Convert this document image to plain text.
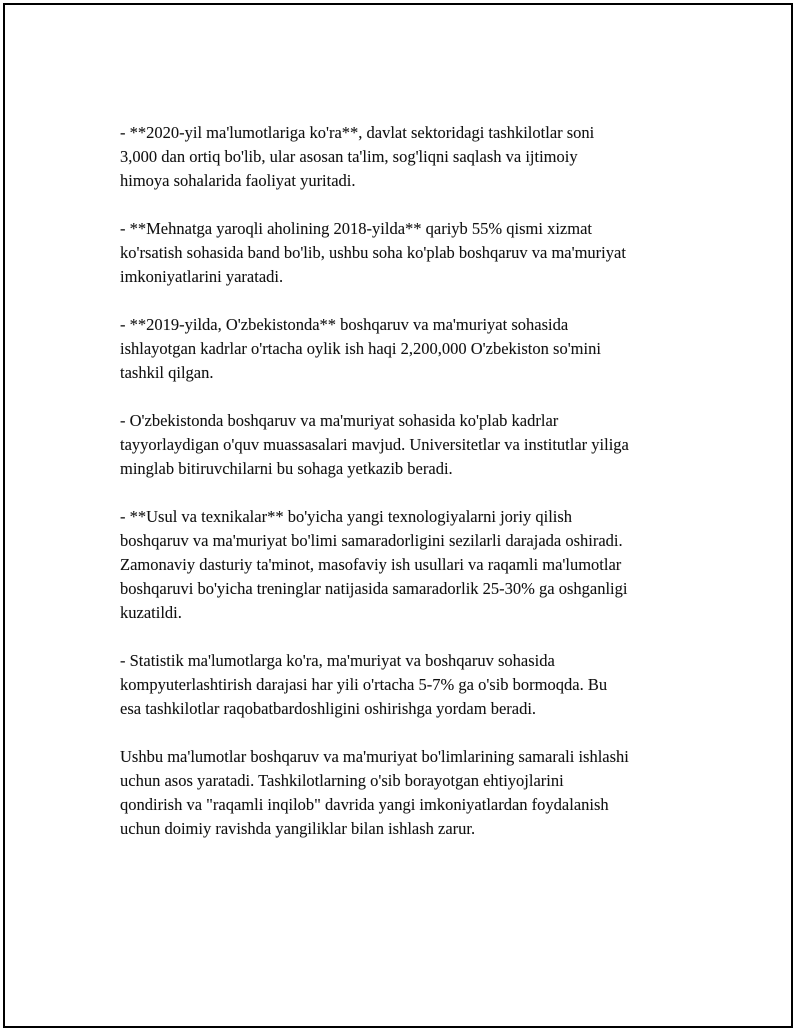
- **2020-yil ma'lumotlariga ko'ra**, davlat sektoridagi tashkilotlar soni
3,000 dan ortiq bo'lib, ular asosan ta'lim, sog'liqni saqlash va ijtimoiy
himoya sohalarida faoliyat yuritadi.

- **Mehnatga yaroqli aholining 2018-yilda** qariyb 55% qismi xizmat
ko'rsatish sohasida band bo'lib, ushbu soha ko'plab boshqaruv va ma'muriyat
imkoniyatlarini yaratadi.

- **2019-yilda, O'zbekistonda** boshqaruv va ma'muriyat sohasida
ishlayotgan kadrlar o'rtacha oylik ish haqi 2,200,000 O'zbekiston so'mini
tashkil qilgan.

- O'zbekistonda boshqaruv va ma'muriyat sohasida ko'plab kadrlar
tayyorlaydigan o'quv muassasalari mavjud. Universitetlar va institutlar yiliga
minglab bitiruvchilarni bu sohaga yetkazib beradi.

- **Usul va texnikalar** bo'yicha yangi texnologiyalarni joriy qilish
boshqaruv va ma'muriyat bo'limi samaradorligini sezilarli darajada oshiradi.
Zamonaviy dasturiy ta'minot, masofaviy ish usullari va raqamli ma'lumotlar
boshqaruvi bo'yicha treninglar natijasida samaradorlik 25-30% ga oshganligi
kuzatildi.

- Statistik ma'lumotlarga ko'ra, ma'muriyat va boshqaruv sohasida
kompyuterlashtirish darajasi har yili o'rtacha 5-7% ga o'sib bormoqda. Bu
esa tashkilotlar raqobatbardoshligini oshirishga yordam beradi.

Ushbu ma'lumotlar boshqaruv va ma'muriyat bo'limlarining samarali ishlashi
uchun asos yaratadi. Tashkilotlarning o'sib borayotgan ehtiyojlarini
qondirish va "raqamli inqilob" davrida yangi imkoniyatlardan foydalanish
uchun doimiy ravishda yangiliklar bilan ishlash zarur.
